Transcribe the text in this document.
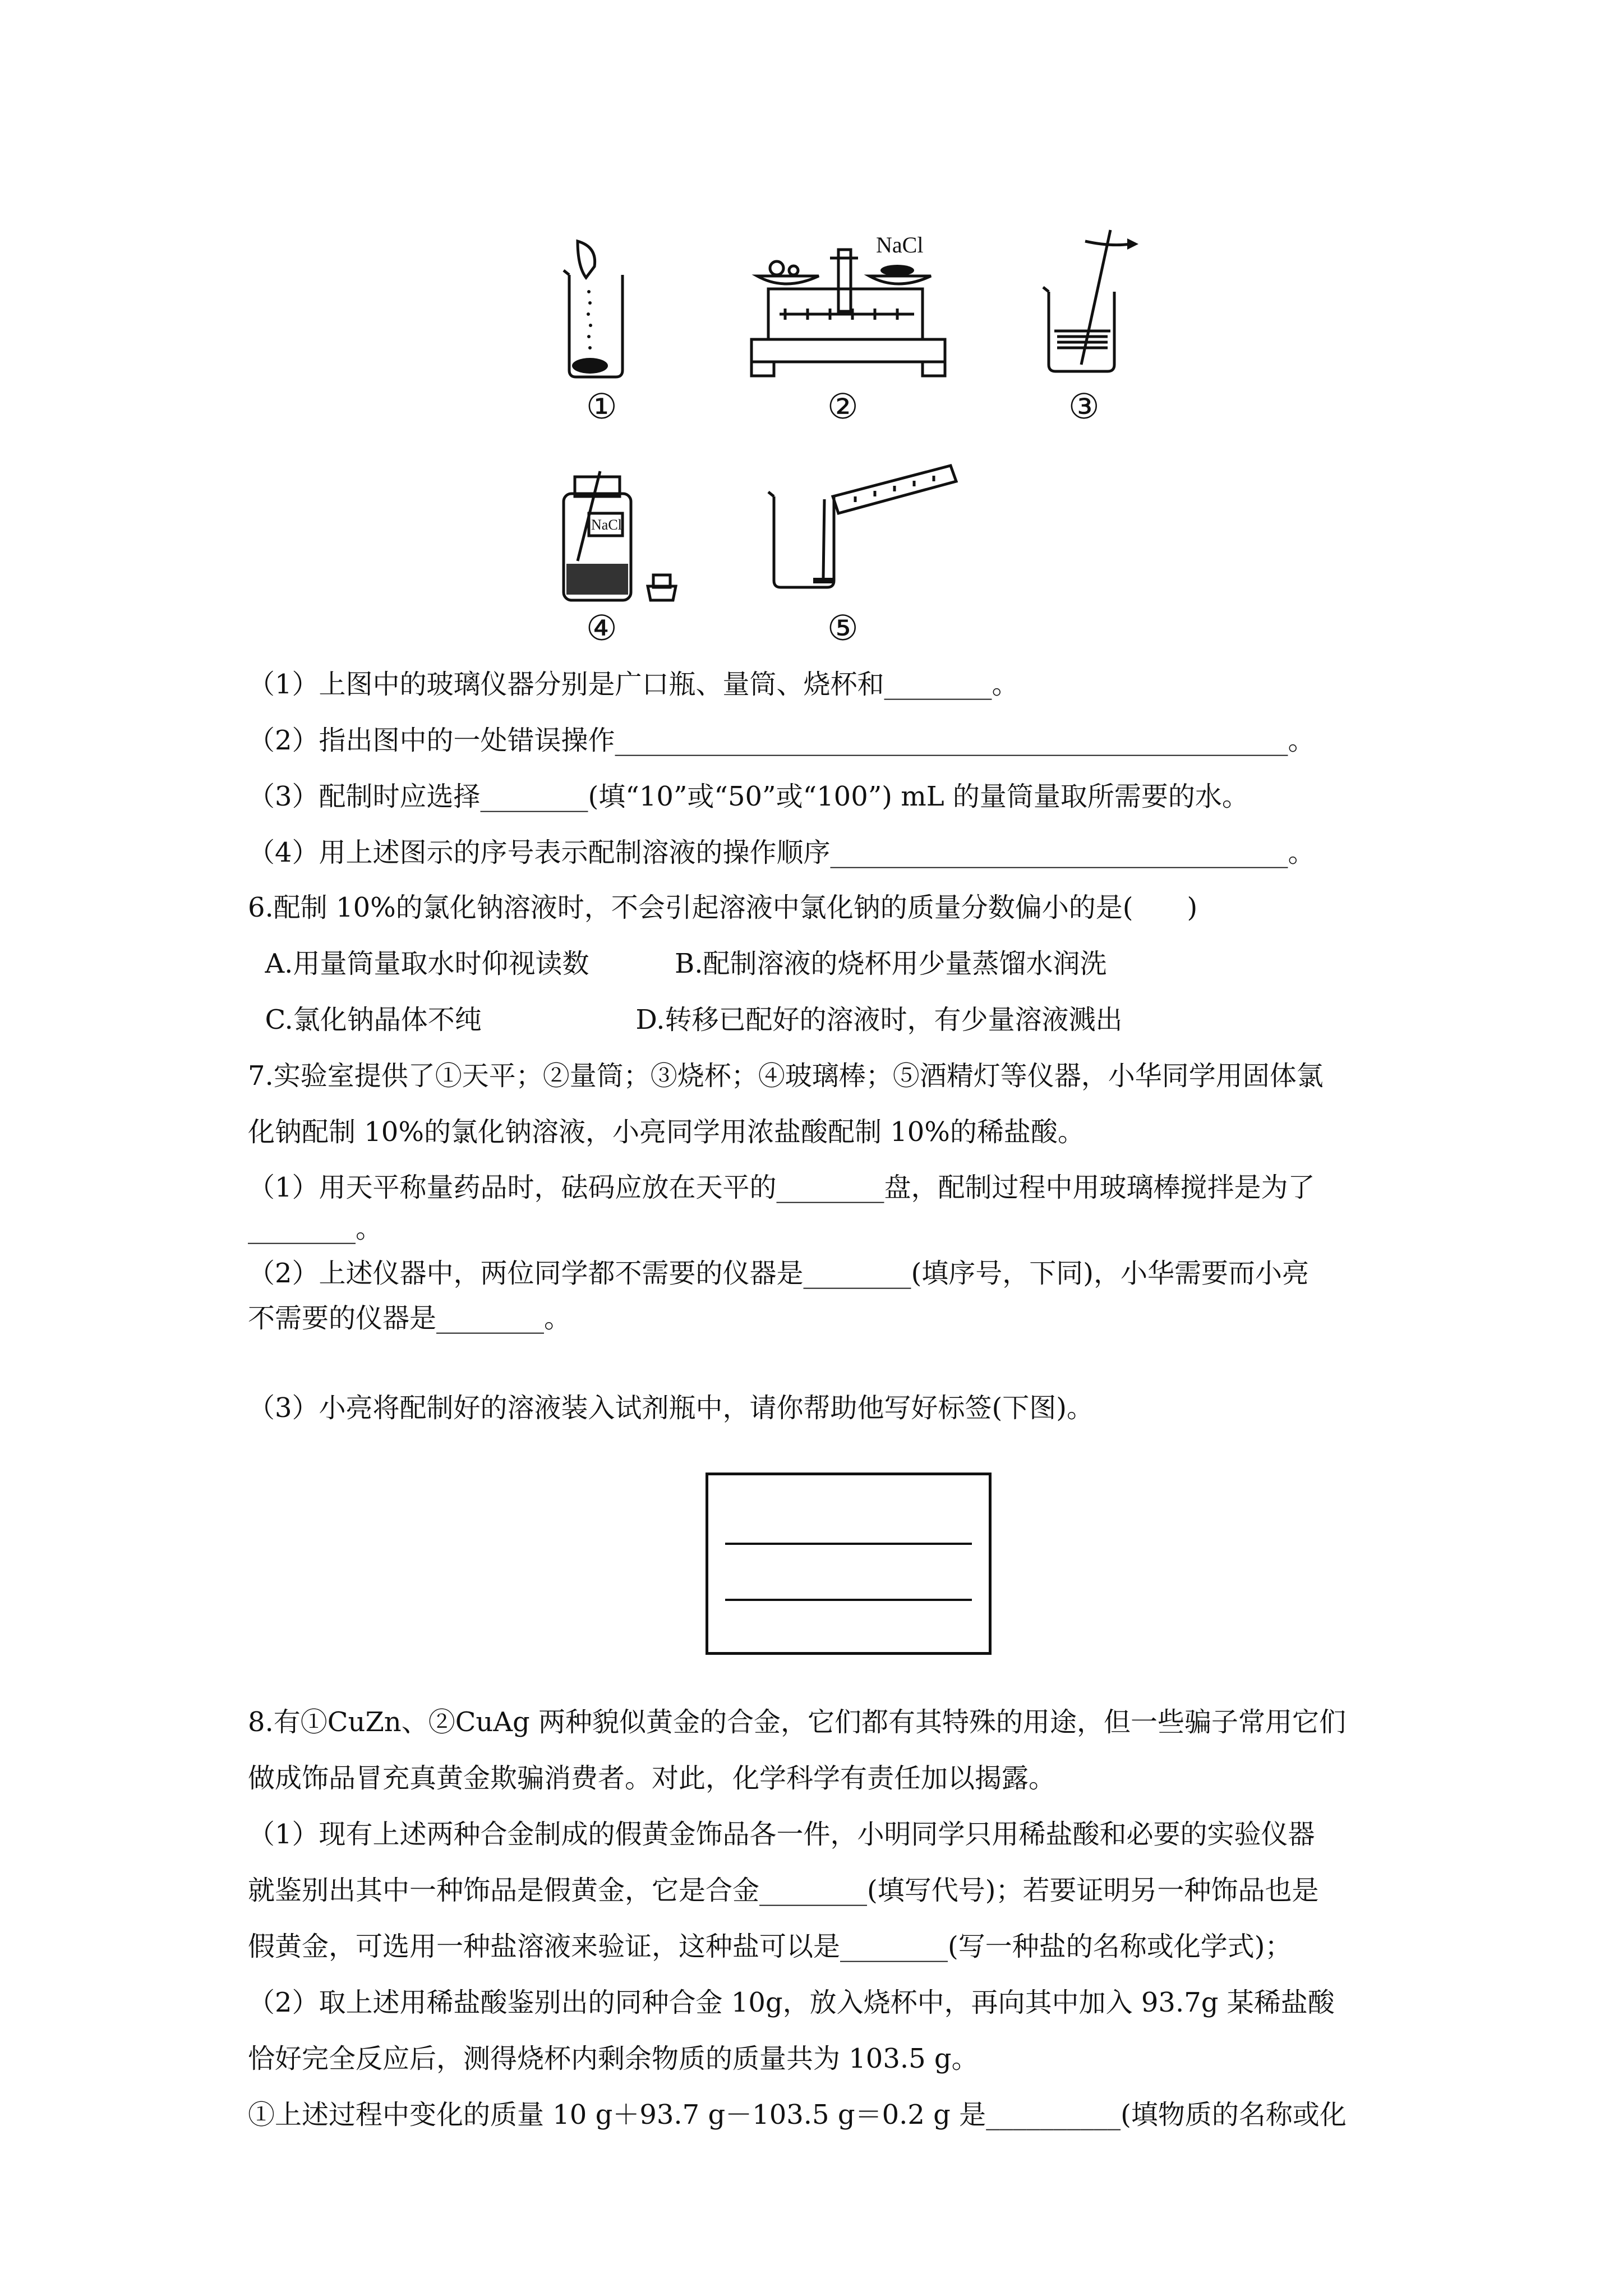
①
NaCl
②	③
NaCl
④	⑤
（1）上图中的玻璃仪器分别是广口瓶、量筒、烧杯和________。
（2）指出图中的一处错误操作__________________________________________________。
（3）配制时应选择________(填“10”或“50”或“100”) mL 的量筒量取所需要的水。
（4）用上述图示的序号表示配制溶液的操作顺序__________________________________。
6.配制 10%的氯化钠溶液时，不会引起溶液中氯化钠的质量分数偏小的是(　　)
A.用量筒量取水时仰视读数          B.配制溶液的烧杯用少量蒸馏水润洗
C.氯化钠晶体不纯                  D.转移已配好的溶液时，有少量溶液溅出
7.实验室提供了①天平；②量筒；③烧杯；④玻璃棒；⑤酒精灯等仪器，小华同学用固体氯
化钠配制 10%的氯化钠溶液，小亮同学用浓盐酸配制 10%的稀盐酸。
（1）用天平称量药品时，砝码应放在天平的________盘，配制过程中用玻璃棒搅拌是为了
________。
（2）上述仪器中，两位同学都不需要的仪器是________(填序号，下同)，小华需要而小亮
不需要的仪器是________。
（3）小亮将配制好的溶液装入试剂瓶中，请你帮助他写好标签(下图)。
8.有①CuZn、②CuAg 两种貌似黄金的合金，它们都有其特殊的用途，但一些骗子常用它们
做成饰品冒充真黄金欺骗消费者。对此，化学科学有责任加以揭露。
（1）现有上述两种合金制成的假黄金饰品各一件，小明同学只用稀盐酸和必要的实验仪器
就鉴别出其中一种饰品是假黄金，它是合金________(填写代号)；若要证明另一种饰品也是
假黄金，可选用一种盐溶液来验证，这种盐可以是________(写一种盐的名称或化学式)；
（2）取上述用稀盐酸鉴别出的同种合金 10g，放入烧杯中，再向其中加入 93.7g 某稀盐酸
恰好完全反应后，测得烧杯内剩余物质的质量共为 103.5 g。
①上述过程中变化的质量 10 g＋93.7 g－103.5 g＝0.2 g 是__________(填物质的名称或化
